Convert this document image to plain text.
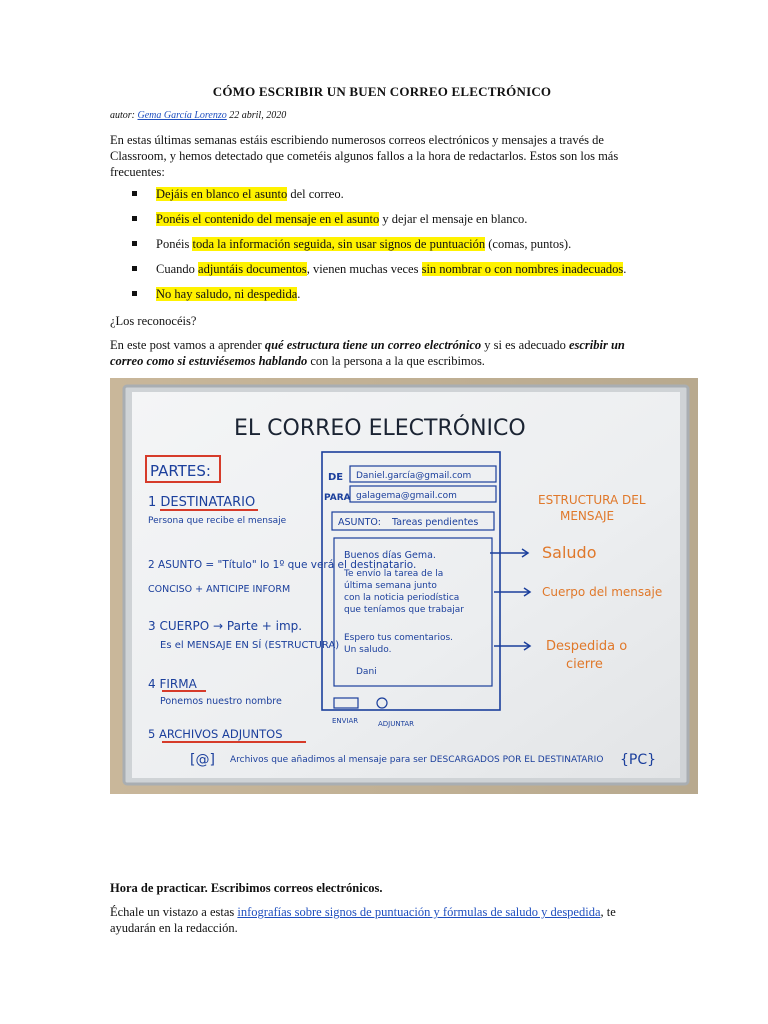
CÓMO ESCRIBIR UN BUEN CORREO ELECTRÓNICO
autor: Gema García Lorenzo 22 abril, 2020
En estas últimas semanas estáis escribiendo numerosos correos electrónicos y mensajes a través de Classroom, y hemos detectado que cometéis algunos fallos a la hora de redactarlos. Estos son los más frecuentes:
Dejáis en blanco el asunto del correo.
Ponéis el contenido del mensaje en el asunto y dejar el mensaje en blanco.
Ponéis toda la información seguida, sin usar signos de puntuación (comas, puntos).
Cuando adjuntáis documentos, vienen muchas veces sin nombrar o con nombres inadecuados.
No hay saludo, ni despedida.
¿Los reconocéis?
En este post vamos a aprender qué estructura tiene un correo electrónico y si es adecuado escribir un correo como si estuviésemos hablando con la persona a la que escribimos.
EL CORREO ELECTRÓNICO
PARTES:
1 DESTINATARIO
Persona que recibe el mensaje
2 ASUNTO = "Título" lo 1º que verá el destinatario.
CONCISO + ANTICIPE INFORM
3 CUERPO → Parte + imp.
Es el MENSAJE EN SÍ (ESTRUCTURA)
4 FIRMA
Ponemos nuestro nombre
5 ARCHIVOS ADJUNTOS
Archivos que añadimos al mensaje para ser DESCARGADOS POR EL DESTINATARIO {PC}
[@]
DE Daniel.garcía@gmail.com
PARA galagema@gmail.com
ASUNTO: Tareas pendientes
Buenos días Gema.
Te envío la tarea de la
última semana junto
con la noticia periodística
que teníamos que trabajar
Espero tus comentarios.
Un saludo.
Dani
ENVIAR	ADJUNTAR
ESTRUCTURA DEL
MENSAJE
Saludo
Cuerpo del mensaje
Despedida o
cierre
Hora de practicar. Escribimos correos electrónicos.
Échale un vistazo a estas infografías sobre signos de puntuación y fórmulas de saludo y despedida, te ayudarán en la redacción.
